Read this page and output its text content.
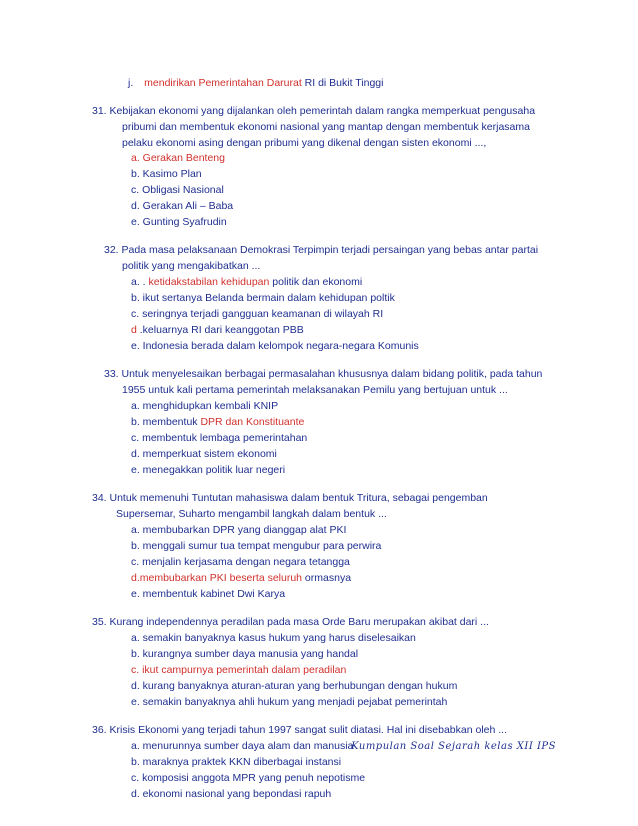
j. mendirikan Pemerintahan Darurat RI di Bukit Tinggi
31. Kebijakan ekonomi yang dijalankan oleh pemerintah dalam rangka memperkuat pengusaha
pribumi dan membentuk ekonomi nasional yang mantap dengan membentuk kerjasama
pelaku ekonomi asing dengan pribumi yang dikenal dengan sisten ekonomi ...,
a. Gerakan Benteng
b. Kasimo Plan
c. Obligasi Nasional
d. Gerakan Ali – Baba
e. Gunting Syafrudin
32. Pada masa pelaksanaan Demokrasi Terpimpin terjadi persaingan yang bebas antar partai
politik yang mengakibatkan ...
a. . ketidakstabilan kehidupan politik dan ekonomi
b. ikut sertanya Belanda bermain dalam kehidupan poltik
c. seringnya terjadi gangguan keamanan di wilayah RI
d .keluarnya RI dari keanggotan PBB
e. Indonesia berada dalam kelompok negara-negara Komunis
33. Untuk menyelesaikan berbagai permasalahan khususnya dalam bidang politik, pada tahun
1955 untuk kali pertama pemerintah melaksanakan Pemilu yang bertujuan untuk ...
a. menghidupkan kembali KNIP
b. membentuk DPR dan Konstituante
c. membentuk lembaga pemerintahan
d. memperkuat sistem ekonomi
e. menegakkan politik luar negeri
34. Untuk memenuhi Tuntutan mahasiswa dalam bentuk Tritura, sebagai pengemban
Supersemar, Suharto mengambil langkah dalam bentuk ...
a. membubarkan DPR yang dianggap alat PKI
b. menggali sumur tua tempat mengubur para perwira
c. menjalin kerjasama dengan negara tetangga
d.membubarkan PKI beserta seluruh ormasnya
e. membentuk kabinet Dwi Karya
35. Kurang independennya peradilan pada masa Orde Baru merupakan akibat dari ...
a. semakin banyaknya kasus hukum yang harus diselesaikan
b. kurangnya sumber daya manusia yang handal
c. ikut campurnya pemerintah dalam peradilan
d. kurang banyaknya aturan-aturan yang berhubungan dengan hukum
e. semakin banyaknya ahli hukum yang menjadi pejabat pemerintah
36. Krisis Ekonomi yang terjadi tahun 1997 sangat sulit diatasi. Hal ini disebabkan oleh ...
a. menurunnya sumber daya alam dan manusia
b. maraknya praktek KKN diberbagai instansi
c. komposisi anggota MPR yang penuh nepotisme
d. ekonomi nasional yang bepondasi rapuh
Kumpulan Soal Sejarah kelas XII IPS
